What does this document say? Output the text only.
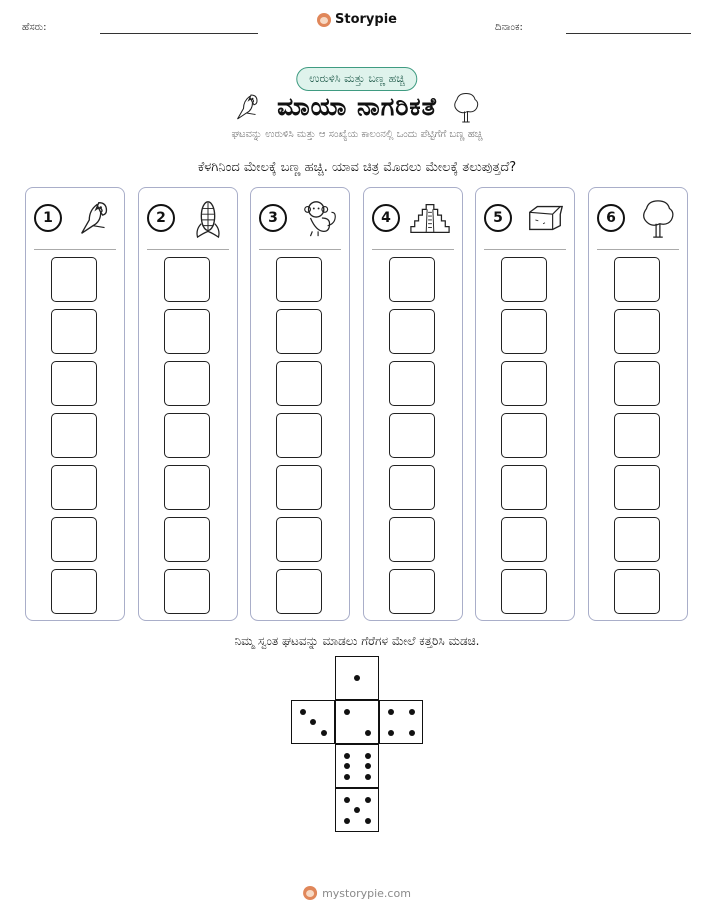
ಹೆಸರು:
Storypie
ದಿನಾಂಕ:
ಉರುಳಿಸಿ ಮತ್ತು ಬಣ್ಣ ಹಚ್ಚಿ
ಮಾಯಾ ನಾಗರಿಕತೆ
ಘಟವನ್ನು ಉರುಳಿಸಿ ಮತ್ತು ಆ ಸಂಖ್ಯೆಯ ಕಾಲಂನಲ್ಲಿ ಒಂದು ಪೆಟ್ಟಿಗೆಗೆ ಬಣ್ಣ ಹಚ್ಚಿ
ಕೆಳಗಿನಿಂದ ಮೇಲಕ್ಕೆ ಬಣ್ಣ ಹಚ್ಚಿ. ಯಾವ ಚಿತ್ರ ಮೊದಲು ಮೇಲಕ್ಕೆ ತಲುಪುತ್ತದೆ?
1	2	3	4	5	6
ನಿಮ್ಮ ಸ್ವಂತ ಘಟವನ್ನು ಮಾಡಲು ಗೆರೆಗಳ ಮೇಲೆ ಕತ್ತರಿಸಿ ಮಡಚಿ.
mystorypie.com
